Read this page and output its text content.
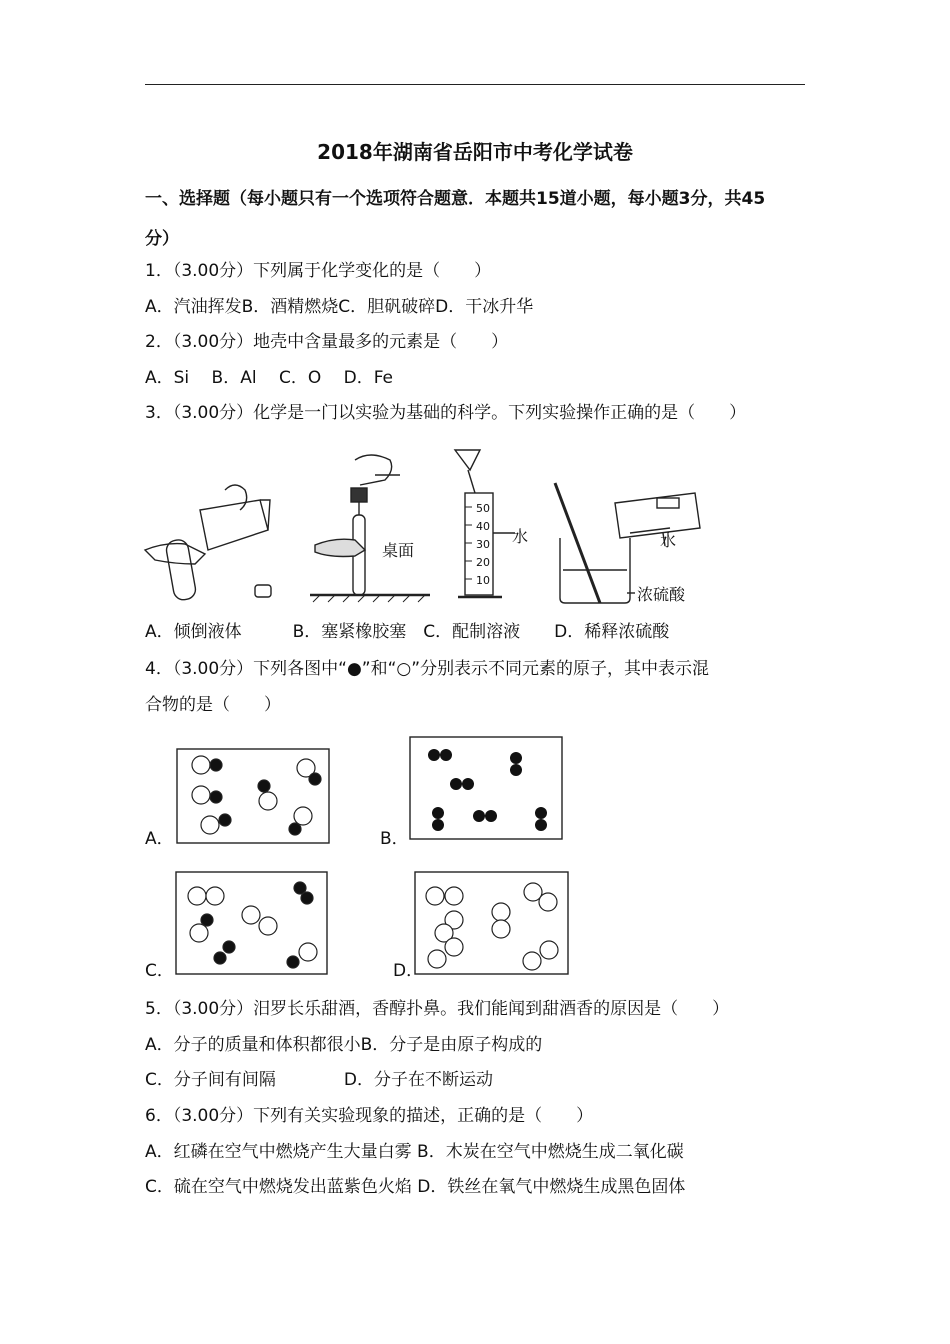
2018年湖南省岳阳市中考化学试卷
一、选择题（每小题只有一个选项符合题意．本题共15道小题，每小题3分，共45
分）
1．（3.00分）下列属于化学变化的是（　　）
A．汽油挥发B．酒精燃烧C．胆矾破碎D．干冰升华
2．（3.00分）地壳中含量最多的元素是（　　）
A．Si　 B．Al　 C．O　 D．Fe
3．（3.00分）化学是一门以实验为基础的科学。下列实验操作正确的是（　　）
桌面
50
40
30
20
10
水	水
浓硫酸
A．倾倒液体　　　B．塞紧橡胶塞　C．配制溶液　　D．稀释浓硫酸
4．（3.00分）下列各图中“●”和“○”分别表示不同元素的原子，其中表示混
合物的是（　　）
A．	B．
C．	D．
5．（3.00分）汨罗长乐甜酒，香醇扑鼻。我们能闻到甜酒香的原因是（　　）
A．分子的质量和体积都很小B．分子是由原子构成的
C．分子间有间隔　　　　D．分子在不断运动
6．（3.00分）下列有关实验现象的描述，正确的是（　　）
A．红磷在空气中燃烧产生大量白雾 B．木炭在空气中燃烧生成二氧化碳
C．硫在空气中燃烧发出蓝紫色火焰 D．铁丝在氧气中燃烧生成黑色固体
